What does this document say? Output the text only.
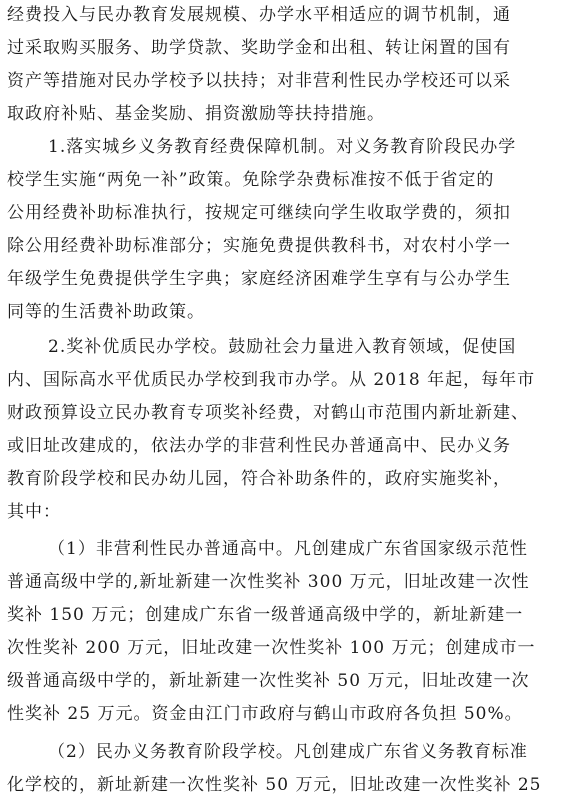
经费投入与民办教育发展规模、办学水平相适应的调节机制，通
过采取购买服务、助学贷款、奖助学金和出租、转让闲置的国有
资产等措施对民办学校予以扶持；对非营利性民办学校还可以采
取政府补贴、基金奖励、捐资激励等扶持措施。
1.落实城乡义务教育经费保障机制。对义务教育阶段民办学
校学生实施“两免一补”政策。免除学杂费标准按不低于省定的
公用经费补助标准执行，按规定可继续向学生收取学费的，须扣
除公用经费补助标准部分；实施免费提供教科书，对农村小学一
年级学生免费提供学生字典；家庭经济困难学生享有与公办学生
同等的生活费补助政策。
2.奖补优质民办学校。鼓励社会力量进入教育领域，促使国
内、国际高水平优质民办学校到我市办学。从 2018 年起，每年市
财政预算设立民办教育专项奖补经费，对鹤山市范围内新址新建、
或旧址改建成的，依法办学的非营利性民办普通高中、民办义务
教育阶段学校和民办幼儿园，符合补助条件的，政府实施奖补，
其中：
（1）非营利性民办普通高中。凡创建成广东省国家级示范性
普通高级中学的,新址新建一次性奖补 300 万元，旧址改建一次性
奖补 150 万元；创建成广东省一级普通高级中学的，新址新建一
次性奖补 200 万元，旧址改建一次性奖补 100 万元；创建成市一
级普通高级中学的，新址新建一次性奖补 50 万元，旧址改建一次
性奖补 25 万元。资金由江门市政府与鹤山市政府各负担 50%。
（2）民办义务教育阶段学校。凡创建成广东省义务教育标准
化学校的，新址新建一次性奖补 50 万元，旧址改建一次性奖补 25
